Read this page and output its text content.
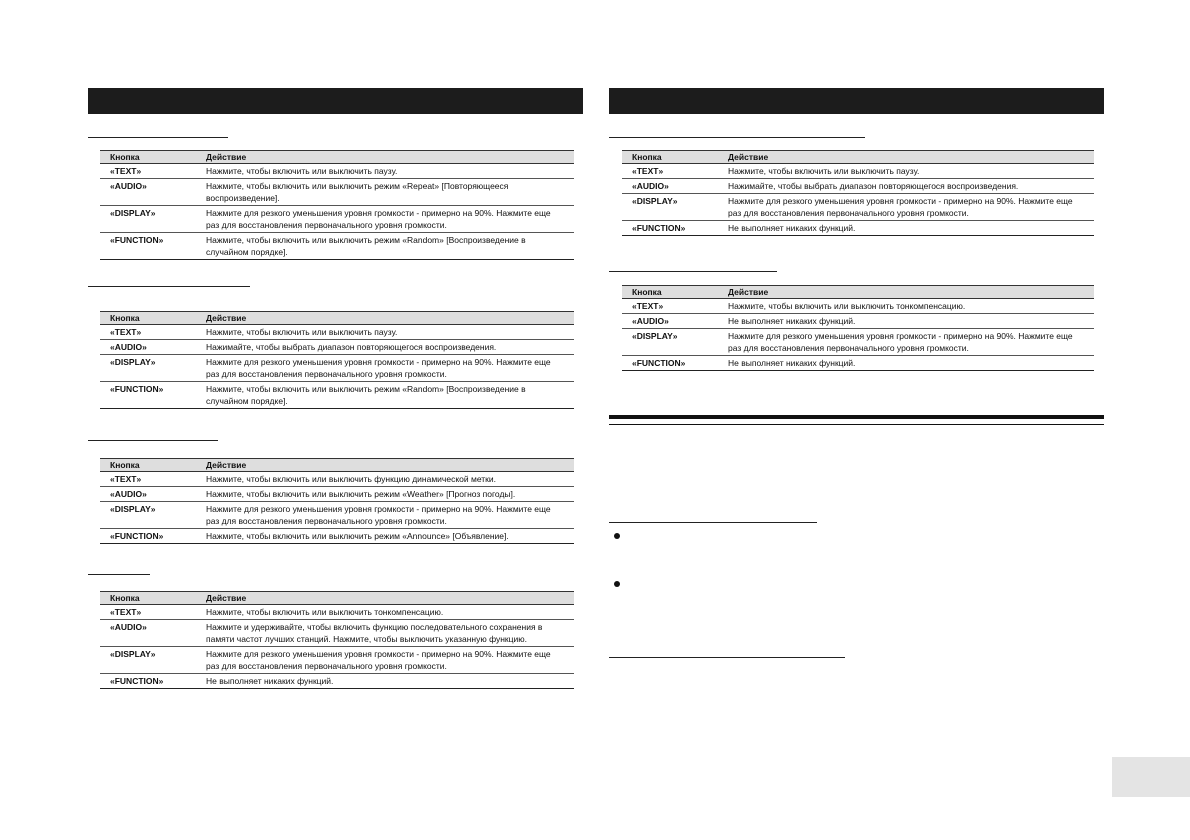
Кнопка	Действие
«TEXT»	Нажмите, чтобы включить или выключить паузу.
«AUDIO»	Нажмите, чтобы включить или выключить режим «Repeat» [Повторяющееся воспроизведение].
«DISPLAY»	Нажмите для резкого уменьшения уровня громкости - примерно на 90%. Нажмите еще раз для восстановления первоначального уровня громкости.
«FUNCTION»	Нажмите, чтобы включить или выключить режим «Random» [Воспроизведение в случайном порядке].
Кнопка	Действие
«TEXT»	Нажмите, чтобы включить или выключить паузу.
«AUDIO»	Нажимайте, чтобы выбрать диапазон повторяющегося воспроизведения.
«DISPLAY»	Нажмите для резкого уменьшения уровня громкости - примерно на 90%. Нажмите еще раз для восстановления первоначального уровня громкости.
«FUNCTION»	Нажмите, чтобы включить или выключить режим «Random» [Воспроизведение в случайном порядке].
Кнопка	Действие
«TEXT»	Нажмите, чтобы включить или выключить функцию динамической метки.
«AUDIO»	Нажмите, чтобы включить или выключить режим «Weather» [Прогноз погоды].
«DISPLAY»	Нажмите для резкого уменьшения уровня громкости - примерно на 90%. Нажмите еще раз для восстановления первоначального уровня громкости.
«FUNCTION»	Нажмите, чтобы включить или выключить режим «Announce» [Объявление].
Кнопка	Действие
«TEXT»	Нажмите, чтобы включить или выключить тонкомпенсацию.
«AUDIO»	Нажмите и удерживайте, чтобы включить функцию последовательного сохранения в памяти частот лучших станций. Нажмите, чтобы выключить указанную функцию.
«DISPLAY»	Нажмите для резкого уменьшения уровня громкости - примерно на 90%. Нажмите еще раз для восстановления первоначального уровня громкости.
«FUNCTION»	Не выполняет никаких функций.
Кнопка	Действие
«TEXT»	Нажмите, чтобы включить или выключить паузу.
«AUDIO»	Нажимайте, чтобы выбрать диапазон повторяющегося воспроизведения.
«DISPLAY»	Нажмите для резкого уменьшения уровня громкости - примерно на 90%. Нажмите еще раз для восстановления первоначального уровня громкости.
«FUNCTION»	Не выполняет никаких функций.
Кнопка	Действие
«TEXT»	Нажмите, чтобы включить или выключить тонкомпенсацию.
«AUDIO»	Не выполняет никаких функций.
«DISPLAY»	Нажмите для резкого уменьшения уровня громкости - примерно на 90%. Нажмите еще раз для восстановления первоначального уровня громкости.
«FUNCTION»	Не выполняет никаких функций.
